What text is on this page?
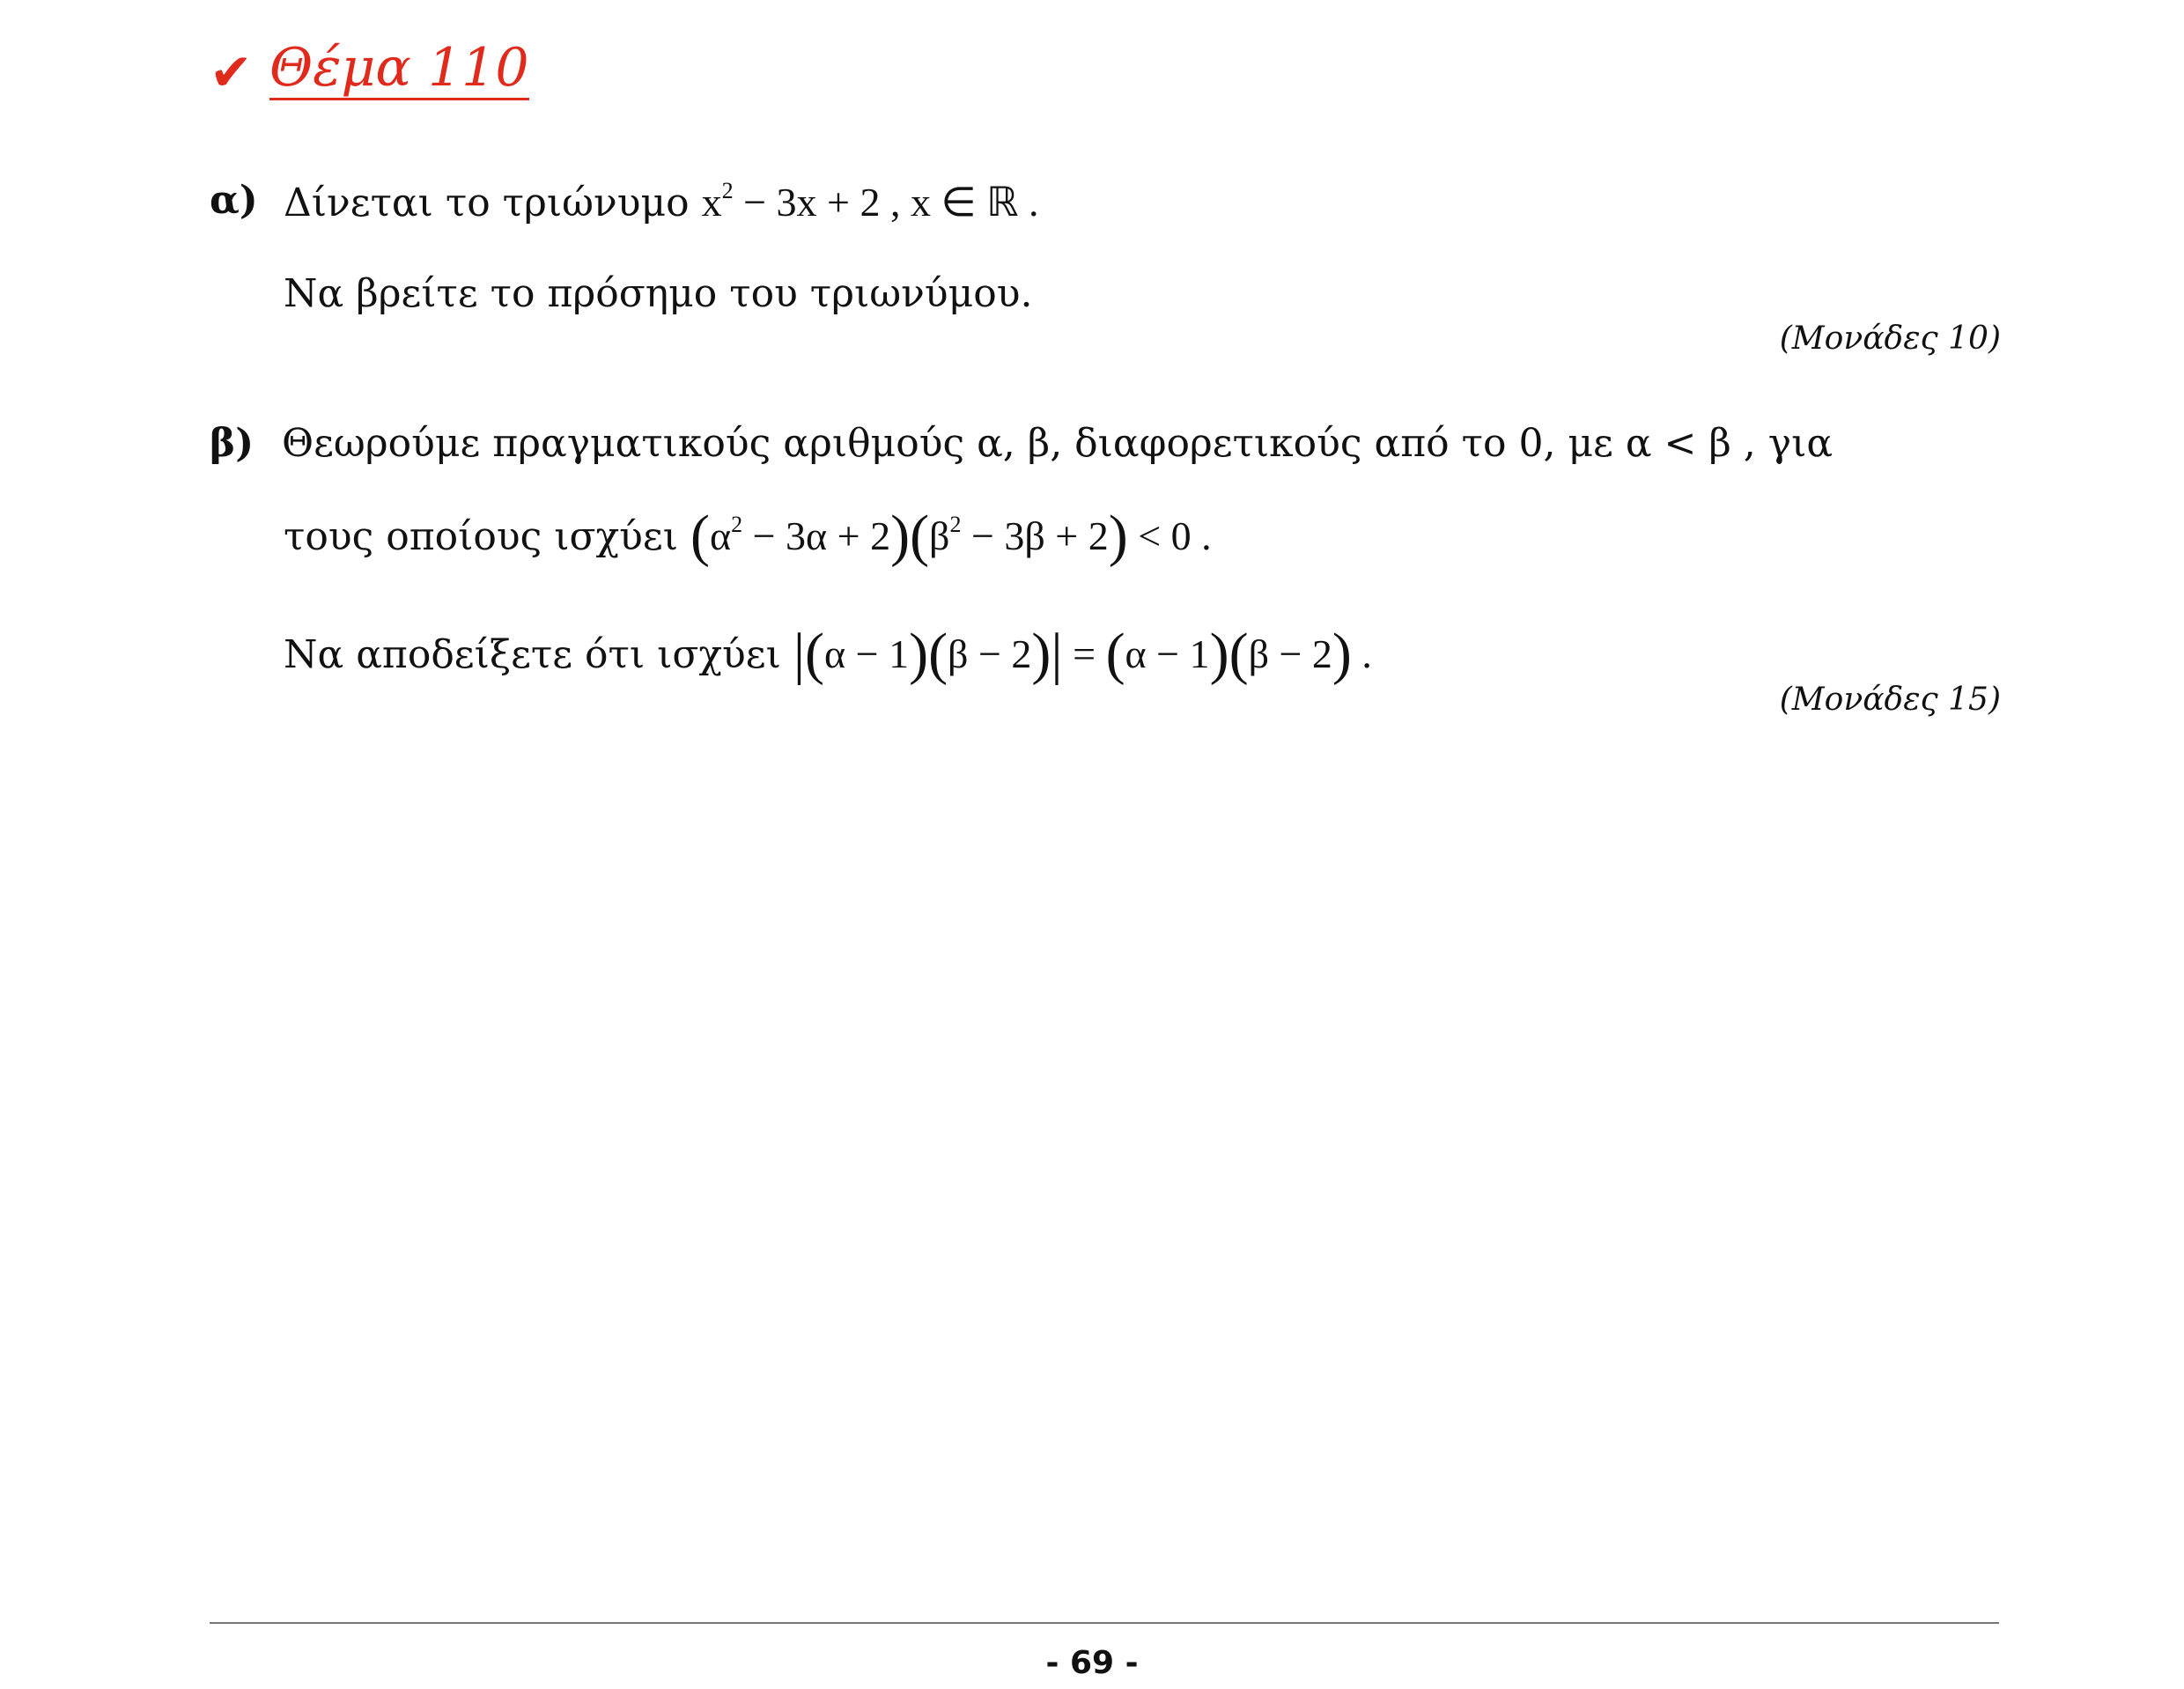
✔ Θέμα 110
α) Δίνεται το τριώνυμο $x^2 - 3x + 2$ , x ∈ ℝ .
Να βρείτε το πρόσημο του τριωνύμου.
(Μονάδες 10)
β) Θεωρούμε πραγματικούς αριθμούς α, β, διαφορετικούς από το 0, με α < β , για
τους οποίους ισχύει $(\alpha^2 - 3\alpha + 2)(\beta^2 - 3\beta + 2) < 0$ .
Να αποδείξετε ότι ισχύει |(α − 1)(β − 2)| = (α − 1)(β − 2) .
(Μονάδες 15)
- 69 -
